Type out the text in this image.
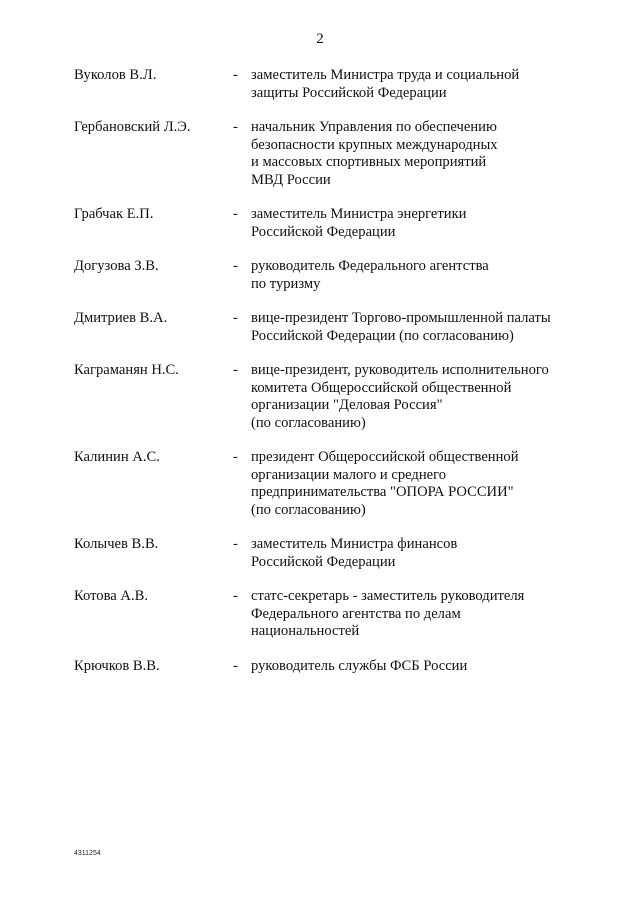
2
Вуколов В.Л.	- заместитель Министра труда и социальной
защиты Российской Федерации
Гербановский Л.Э.	- начальник Управления по обеспечению
безопасности крупных международных
и массовых спортивных мероприятий
МВД России
Грабчак Е.П.	- заместитель Министра энергетики
Российской Федерации
Догузова З.В.	- руководитель Федерального агентства
по туризму
Дмитриев В.А.	- вице-президент Торгово-промышленной палаты
Российской Федерации (по согласованию)
Каграманян Н.С.	- вице-президент, руководитель исполнительного
комитета Общероссийской общественной
организации "Деловая Россия"
(по согласованию)
Калинин А.С.	- президент Общероссийской общественной
организации малого и среднего
предпринимательства "ОПОРА РОССИИ"
(по согласованию)
Колычев В.В.	- заместитель Министра финансов
Российской Федерации
Котова А.В.	- статс-секретарь - заместитель руководителя
Федерального агентства по делам
национальностей
Крючков В.В.	- руководитель службы ФСБ России
4311254
